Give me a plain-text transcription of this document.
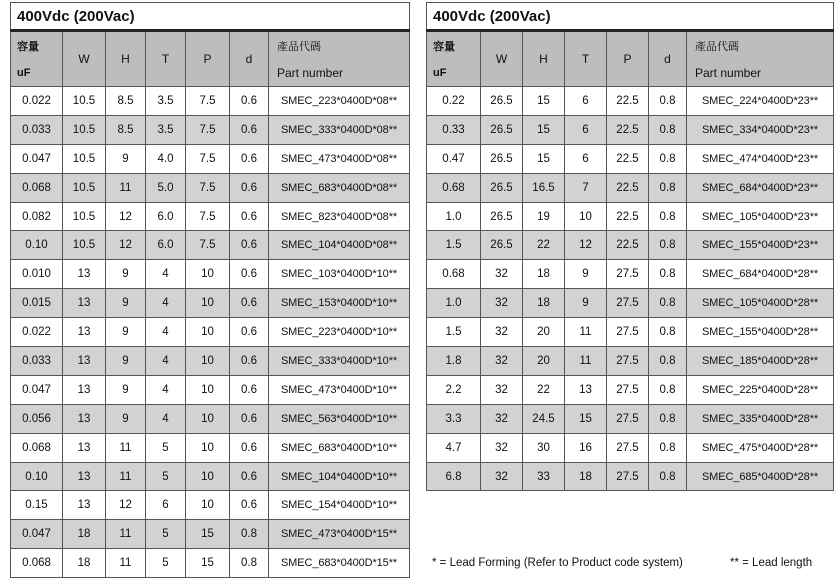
400Vdc (200Vac)						
容量	W	H	T	P	d	產品代碼
uF						Part number
0.022	10.5	8.5	3.5	7.5	0.6	SMEC_223*0400D*08**
0.033	10.5	8.5	3.5	7.5	0.6	SMEC_333*0400D*08**
0.047	10.5	9	4.0	7.5	0.6	SMEC_473*0400D*08**
0.068	10.5	11	5.0	7.5	0.6	SMEC_683*0400D*08**
0.082	10.5	12	6.0	7.5	0.6	SMEC_823*0400D*08**
0.10	10.5	12	6.0	7.5	0.6	SMEC_104*0400D*08**
0.010	13	9	4	10	0.6	SMEC_103*0400D*10**
0.015	13	9	4	10	0.6	SMEC_153*0400D*10**
0.022	13	9	4	10	0.6	SMEC_223*0400D*10**
0.033	13	9	4	10	0.6	SMEC_333*0400D*10**
0.047	13	9	4	10	0.6	SMEC_473*0400D*10**
0.056	13	9	4	10	0.6	SMEC_563*0400D*10**
0.068	13	11	5	10	0.6	SMEC_683*0400D*10**
0.10	13	11	5	10	0.6	SMEC_104*0400D*10**
0.15	13	12	6	10	0.6	SMEC_154*0400D*10**
0.047	18	11	5	15	0.8	SMEC_473*0400D*15**
0.068	18	11	5	15	0.8	SMEC_683*0400D*15**
400Vdc (200Vac)						
容量	W	H	T	P	d	產品代碼
uF						Part number
0.22	26.5	15	6	22.5	0.8	SMEC_224*0400D*23**
0.33	26.5	15	6	22.5	0.8	SMEC_334*0400D*23**
0.47	26.5	15	6	22.5	0.8	SMEC_474*0400D*23**
0.68	26.5	16.5	7	22.5	0.8	SMEC_684*0400D*23**
1.0	26.5	19	10	22.5	0.8	SMEC_105*0400D*23**
1.5	26.5	22	12	22.5	0.8	SMEC_155*0400D*23**
0.68	32	18	9	27.5	0.8	SMEC_684*0400D*28**
1.0	32	18	9	27.5	0.8	SMEC_105*0400D*28**
1.5	32	20	11	27.5	0.8	SMEC_155*0400D*28**
1.8	32	20	11	27.5	0.8	SMEC_185*0400D*28**
2.2	32	22	13	27.5	0.8	SMEC_225*0400D*28**
3.3	32	24.5	15	27.5	0.8	SMEC_335*0400D*28**
4.7	32	30	16	27.5	0.8	SMEC_475*0400D*28**
6.8	32	33	18	27.5	0.8	SMEC_685*0400D*28**
* = Lead Forming (Refer to Product code system)	** = Lead length
